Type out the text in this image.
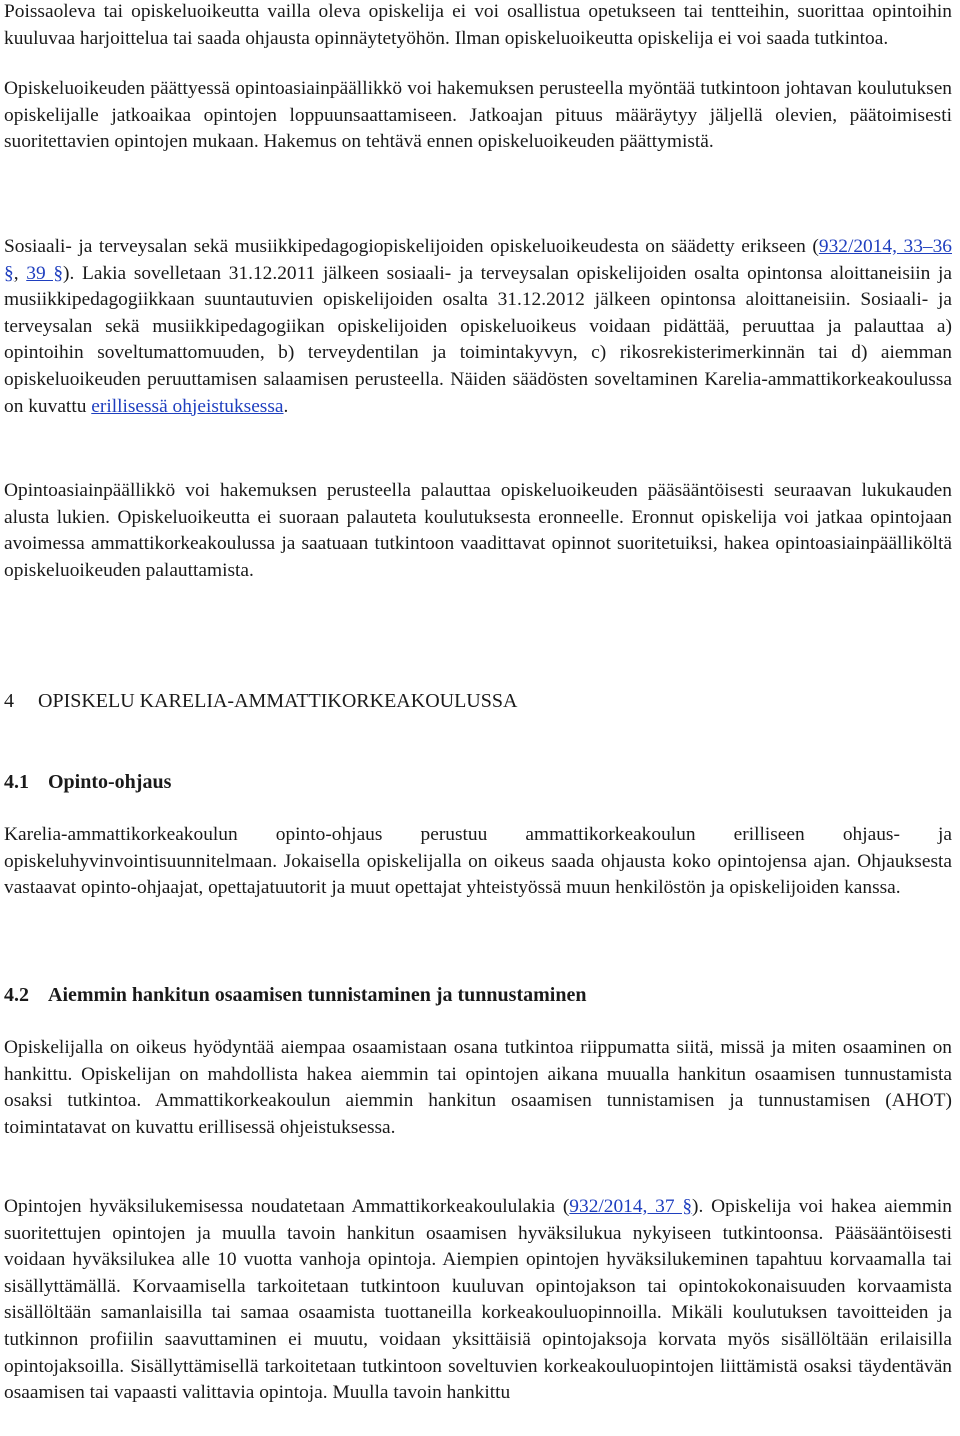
Poissaoleva tai opiskeluoikeutta vailla oleva opiskelija ei voi osallistua opetukseen tai tentteihin, suorittaa opintoihin kuuluvaa harjoittelua tai saada ohjausta opinnäytetyöhön. Ilman opiskeluoikeutta opiskelija ei voi saada tutkintoa.

Opiskeluoikeuden päättyessä opintoasiainpäällikkö voi hakemuksen perusteella myöntää tutkintoon johtavan koulutuksen opiskelijalle jatkoaikaa opintojen loppuunsaattamiseen. Jatkoajan pituus määräytyy jäljellä olevien, päätoimisesti suoritettavien opintojen mukaan. Hakemus on tehtävä ennen opiskeluoikeuden päättymistä.

Sosiaali- ja terveysalan sekä musiikkipedagogiopiskelijoiden opiskeluoikeudesta on säädetty erikseen (932/2014, 33–36 §, 39 §). Lakia sovelletaan 31.12.2011 jälkeen sosiaali- ja terveysalan opiskelijoiden osalta opintonsa aloittaneisiin ja musiikkipedagogiikkaan suuntautuvien opiskelijoiden osalta 31.12.2012 jälkeen opintonsa aloittaneisiin. Sosiaali- ja terveysalan sekä musiikkipedagogiikan opiskelijoiden opiskeluoikeus voidaan pidättää, peruuttaa ja palauttaa a) opintoihin soveltumattomuuden, b) terveydentilan ja toimintakyvyn, c) rikosrekisterimerkinnän tai d) aiemman opiskeluoikeuden peruuttamisen salaamisen perusteella. Näiden säädösten soveltaminen Karelia-ammattikorkeakoulussa on kuvattu erillisessä ohjeistuksessa.

Opintoasiainpäällikkö voi hakemuksen perusteella palauttaa opiskeluoikeuden pääsääntöisesti seuraavan lukukauden alusta lukien. Opiskeluoikeutta ei suoraan palauteta koulutuksesta eronneelle. Eronnut opiskelija voi jatkaa opintojaan avoimessa ammattikorkeakoulussa ja saatuaan tutkintoon vaadittavat opinnot suoritetuiksi, hakea opintoasiainpäälliköltä opiskeluoikeuden palauttamista.

4 OPISKELU KARELIA-AMMATTIKORKEAKOULUSSA
4.1 Opinto-ohjaus

Karelia-ammattikorkeakoulun opinto-ohjaus perustuu ammattikorkeakoulun erilliseen ohjaus- ja opiskeluhyvinvointisuunnitelmaan. Jokaisella opiskelijalla on oikeus saada ohjausta koko opintojensa ajan. Ohjauksesta vastaavat opinto-ohjaajat, opettajatuutorit ja muut opettajat yhteistyössä muun henkilöstön ja opiskelijoiden kanssa.

4.2 Aiemmin hankitun osaamisen tunnistaminen ja tunnustaminen

Opiskelijalla on oikeus hyödyntää aiempaa osaamistaan osana tutkintoa riippumatta siitä, missä ja miten osaaminen on hankittu. Opiskelijan on mahdollista hakea aiemmin tai opintojen aikana muualla hankitun osaamisen tunnustamista osaksi tutkintoa. Ammattikorkeakoulun aiemmin hankitun osaamisen tunnistamisen ja tunnustamisen (AHOT) toimintatavat on kuvattu erillisessä ohjeistuksessa.

Opintojen hyväksilukemisessa noudatetaan Ammattikorkeakoululakia (932/2014, 37 §). Opiskelija voi hakea aiemmin suoritettujen opintojen ja muulla tavoin hankitun osaamisen hyväksilukua nykyiseen tutkintoonsa. Pääsääntöisesti voidaan hyväksilukea alle 10 vuotta vanhoja opintoja. Aiempien opintojen hyväksilukeminen tapahtuu korvaamalla tai sisällyttämällä. Korvaamisella tarkoitetaan tutkintoon kuuluvan opintojakson tai opintokokonaisuuden korvaamista sisällöltään samanlaisilla tai samaa osaamista tuottaneilla korkeakouluopinnoilla. Mikäli koulutuksen tavoitteiden ja tutkinnon profiilin saavuttaminen ei muutu, voidaan yksittäisiä opintojaksoja korvata myös sisällöltään erilaisilla opintojaksoilla. Sisällyttämisellä tarkoitetaan tutkintoon soveltuvien korkeakouluopintojen liittämistä osaksi täydentävän osaamisen tai vapaasti valittavia opintoja. Muulla tavoin hankittu
